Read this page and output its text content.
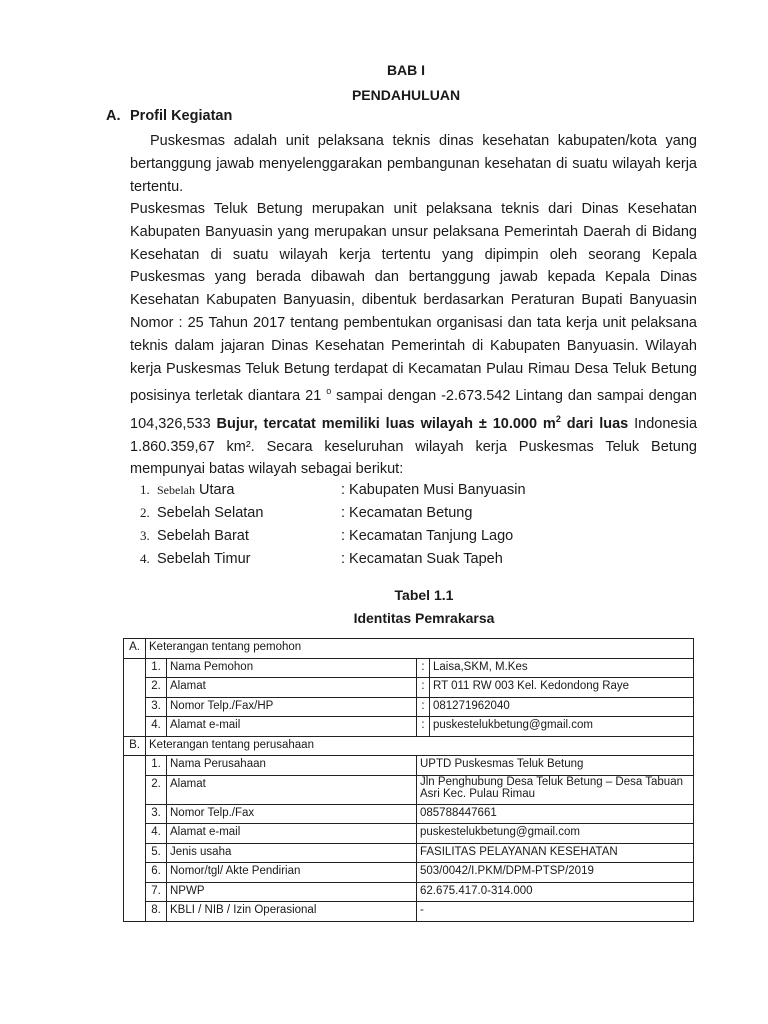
BAB I
PENDAHULUAN
A. Profil Kegiatan

Puskesmas adalah unit pelaksana teknis dinas kesehatan kabupaten/kota yang bertanggung jawab menyelenggarakan pembangunan kesehatan di suatu wilayah kerja tertentu.

Puskesmas Teluk Betung merupakan unit pelaksana teknis dari Dinas Kesehatan Kabupaten Banyuasin yang merupakan unsur pelaksana Pemerintah Daerah di Bidang Kesehatan di suatu wilayah kerja tertentu yang dipimpin oleh seorang Kepala Puskesmas yang berada dibawah dan bertanggung jawab kepada Kepala Dinas Kesehatan Kabupaten Banyuasin, dibentuk berdasarkan Peraturan Bupati Banyuasin Nomor : 25 Tahun 2017 tentang pembentukan organisasi dan tata kerja unit pelaksana teknis dalam jajaran Dinas Kesehatan Pemerintah di Kabupaten Banyuasin. Wilayah kerja Puskesmas Teluk Betung terdapat di Kecamatan Pulau Rimau Desa Teluk Betung posisinya terletak diantara 21 $^o$ sampai dengan -2.673.542 Lintang dan sampai dengan 104,326,533 Bujur, tercatat memiliki luas wilayah ± 10.000 $m^2$ dari luas Indonesia 1.860.359,67 km². Secara keseluruhan wilayah kerja Puskesmas Teluk Betung mempunyai batas wilayah sebagai berikut:

1. Sebelah Utara	: Kabupaten Musi Banyuasin
2. Sebelah Selatan	: Kecamatan Betung
3. Sebelah Barat	: Kecamatan Tanjung Lago
4. Sebelah Timur	: Kecamatan Suak Tapeh
Tabel 1.1
Identitas Pemrakarsa
A.	Keterangan tentang pemohon			
	1.	Nama Pemohon	:	Laisa,SKM, M.Kes
	2.	Alamat	:	RT 011 RW 003 Kel. Kedondong Raye
	3.	Nomor Telp./Fax/HP	:	081271962040
	4.	Alamat e-mail	:	puskestelukbetung@gmail.com
B.	Keterangan tentang perusahaan			
	1.	Nama Perusahaan	UPTD Puskesmas Teluk Betung	
	2.	Alamat	Jln Penghubung Desa Teluk Betung – Desa Tabuan Asri Kec. Pulau Rimau	
	3.	Nomor Telp./Fax	085788447661	
	4.	Alamat e-mail	puskestelukbetung@gmail.com	
	5.	Jenis usaha	FASILITAS PELAYANAN KESEHATAN	
	6.	Nomor/tgl/ Akte Pendirian	503/0042/I.PKM/DPM-PTSP/2019	
	7.	NPWP	62.675.417.0-314.000	
	8.	KBLI / NIB / Izin Operasional	-	
